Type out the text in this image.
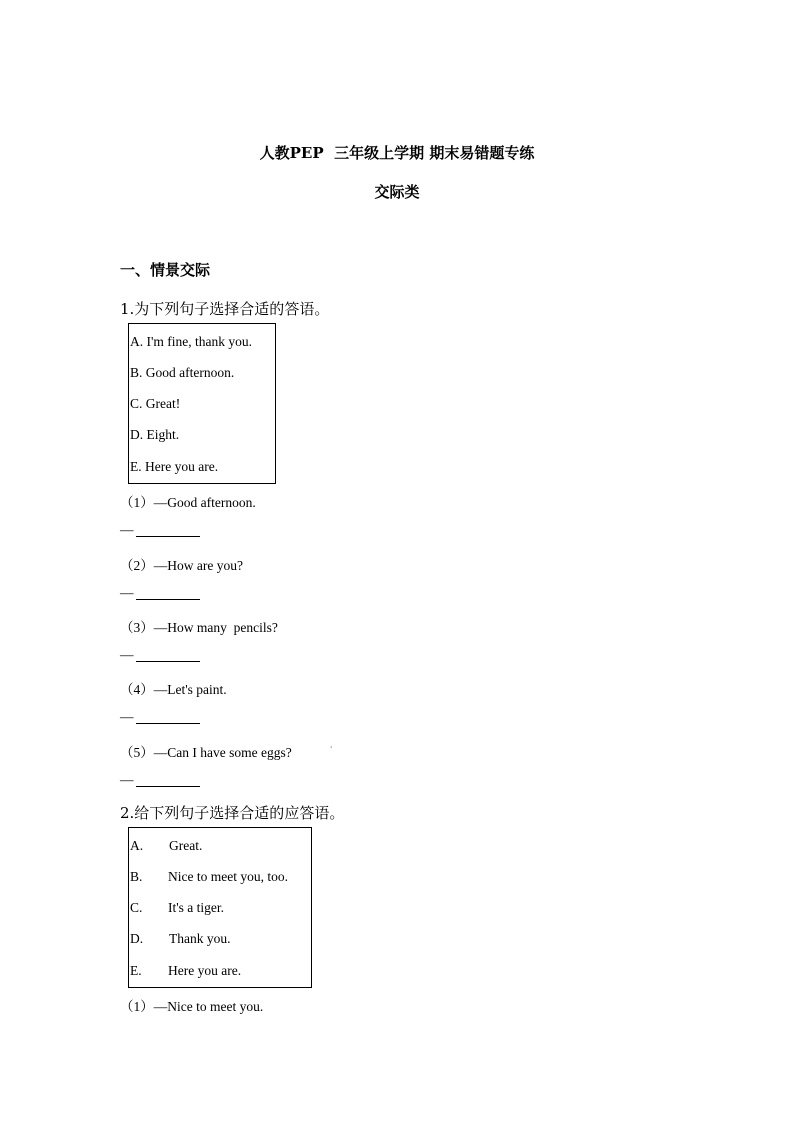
人教PEP  三年级上学期 期末易错题专练
交际类
一、情景交际
1.为下列句子选择合适的答语。
A. I'm fine, thank you.
B. Good afternoon.
C. Great!
D. Eight.
E. Here you are.
（1）—Good afternoon.
—
（2）—How are you?
—
（3）—How many  pencils?
—
（4）—Let's paint.
—
（5）—Can I have some eggs?	'
—
2.给下列句子选择合适的应答语。
A. Great.
B. Nice to meet you, too.
C. It's a tiger.
D. Thank you.
E. Here you are.
（1）—Nice to meet you.
